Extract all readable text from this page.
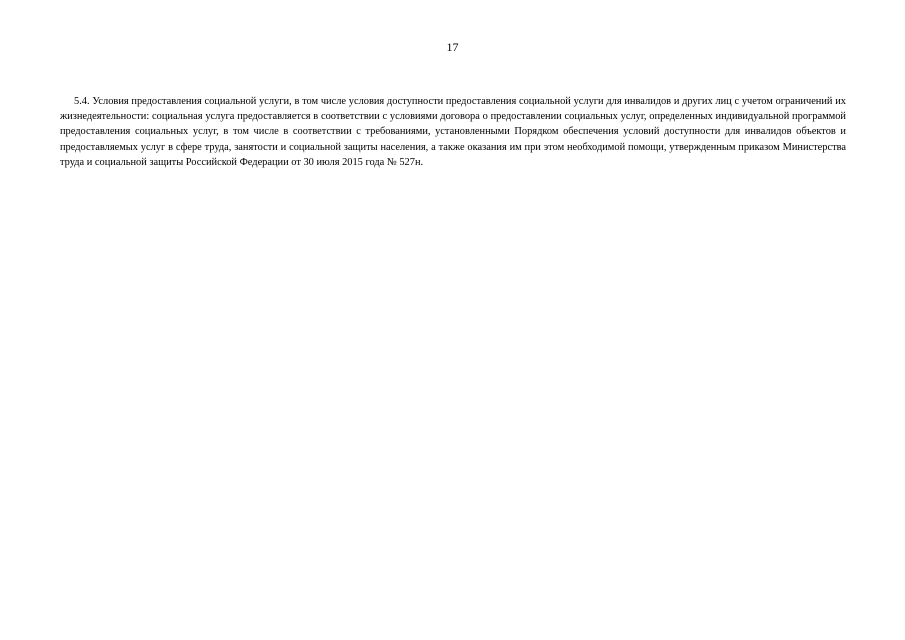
17

5.4. Условия предоставления социальной услуги, в том числе условия доступности предоставления социальной услуги для инвалидов и других лиц с учетом ограничений их жизнедеятельности: социальная услуга предоставляется в соответствии с условиями договора о предоставлении социальных услуг, определенных индивидуальной программой предоставления социальных услуг, в том числе в соответствии с требованиями, установленными Порядком обеспечения условий доступности для инвалидов объектов и предоставляемых услуг в сфере труда, занятости и социальной защиты населения, а также оказания им при этом необходимой помощи, утвержденным приказом Министерства труда и социальной защиты Российской Федерации от 30 июля 2015 года № 527н.
